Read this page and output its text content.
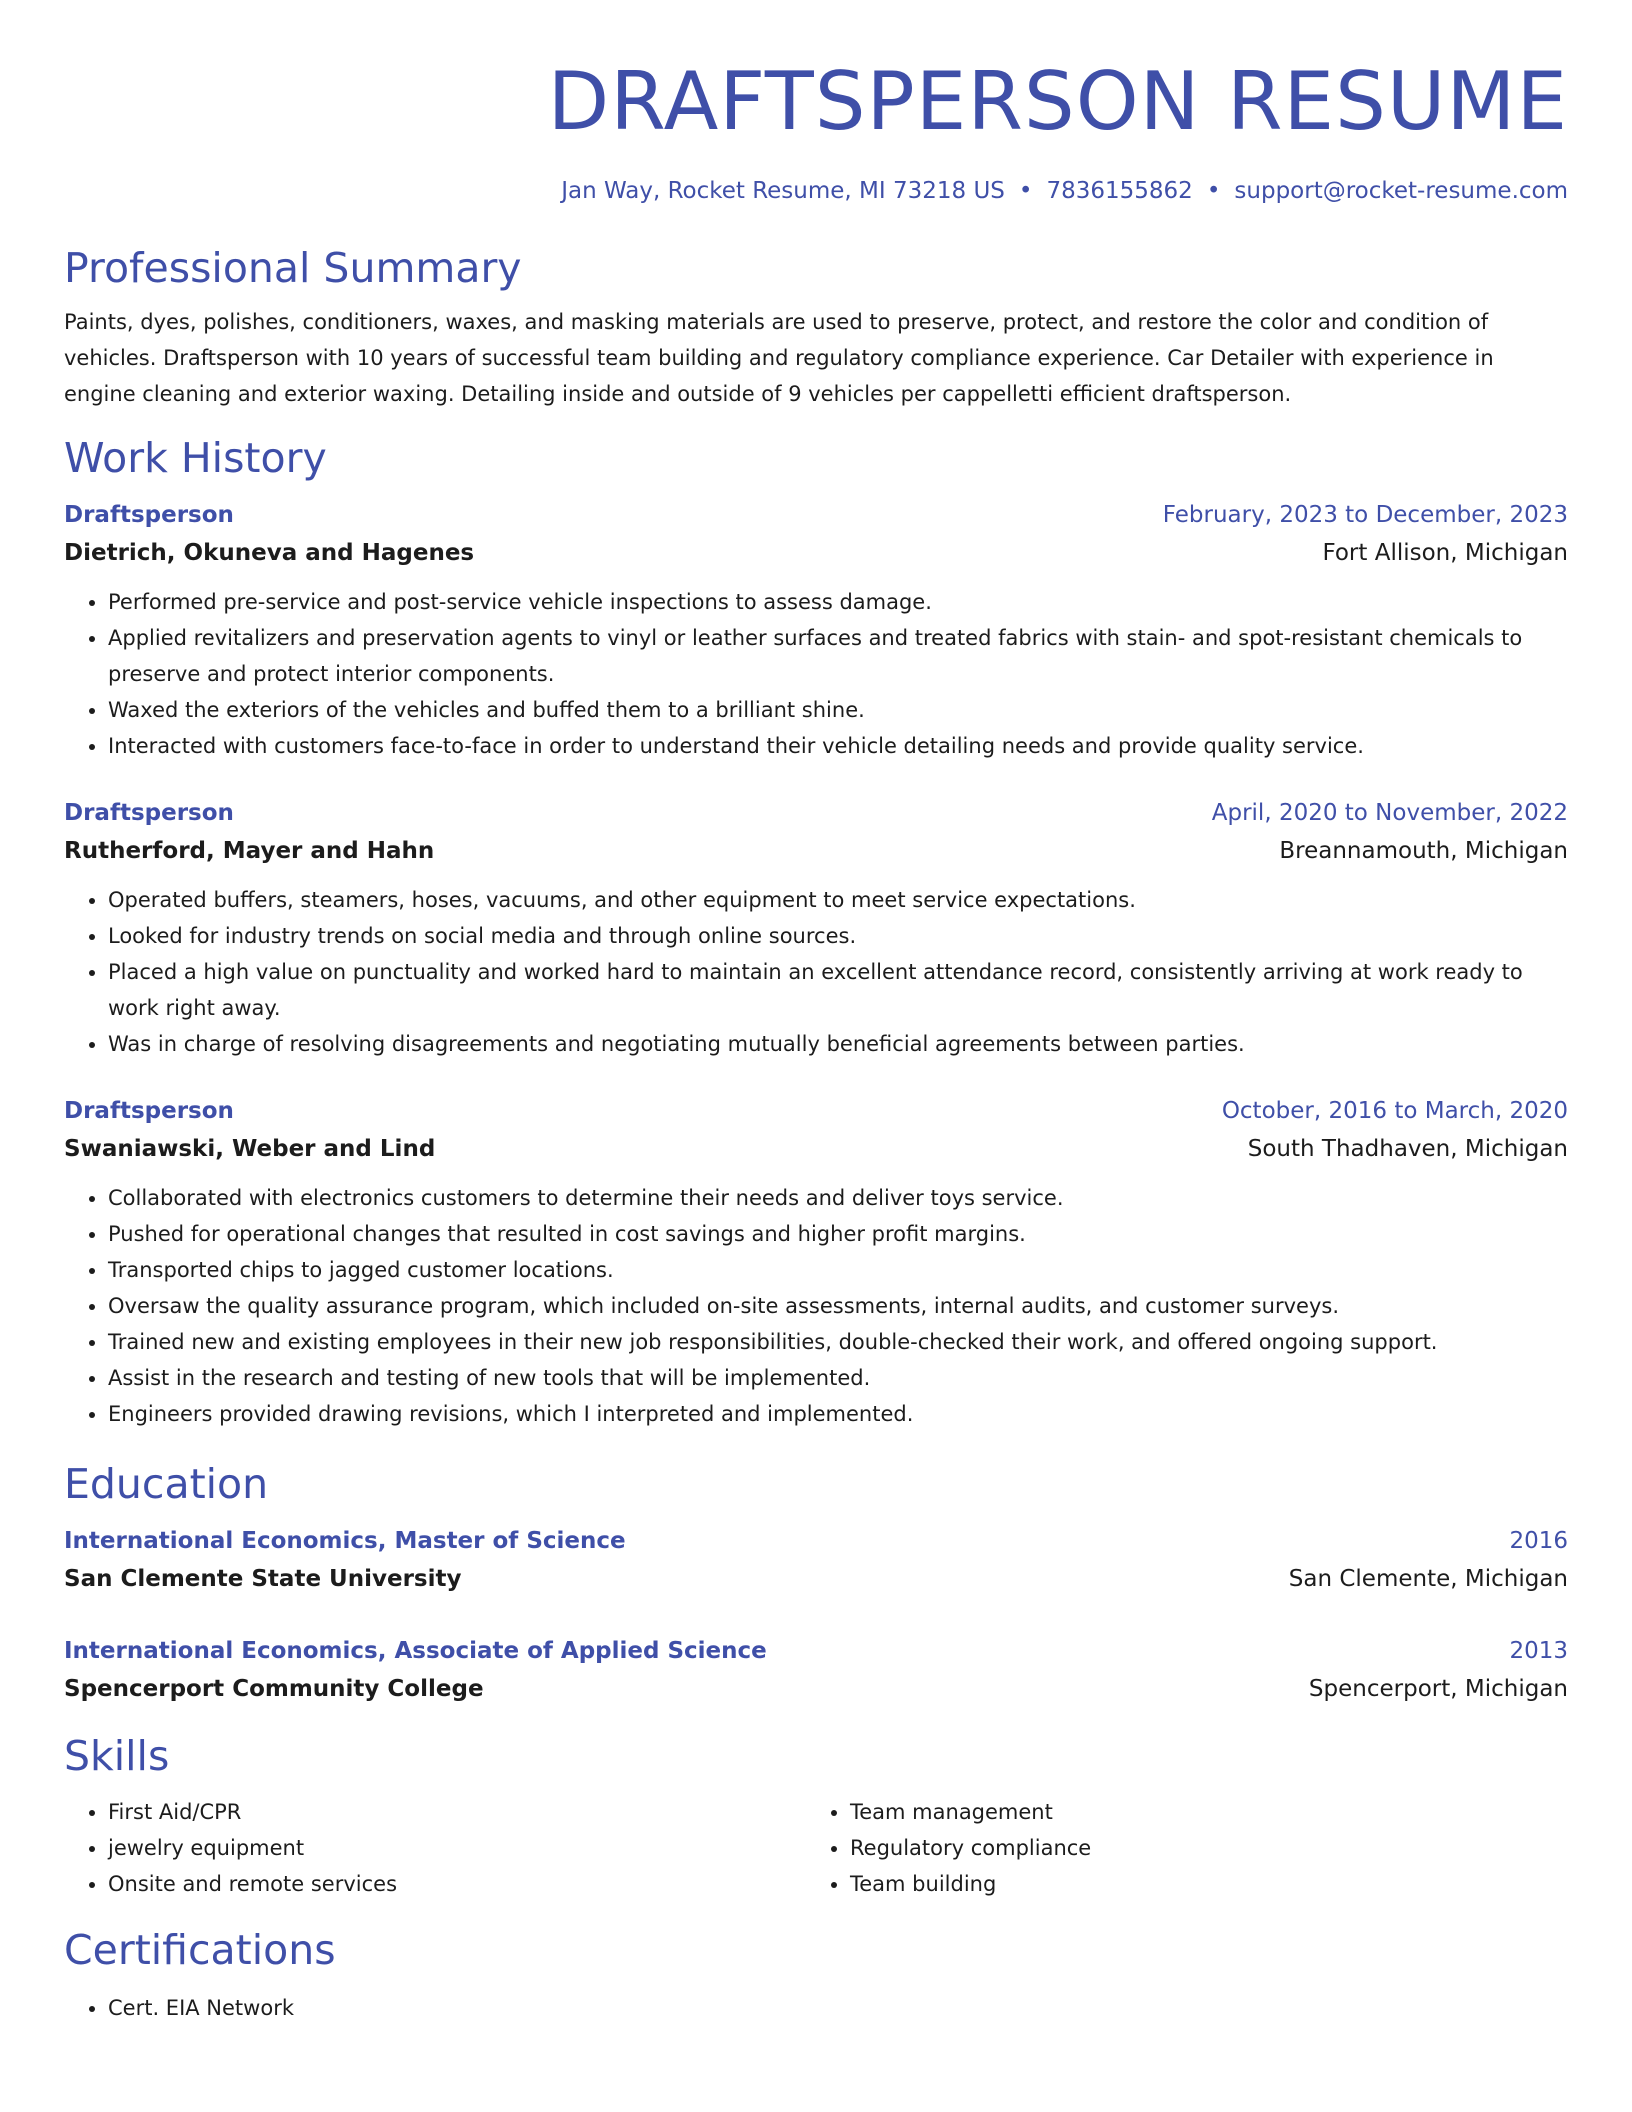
DRAFTSPERSON RESUME
Jan Way, Rocket Resume, MI 73218 US • 7836155862 • support@rocket-resume.com
Professional Summary
Paints, dyes, polishes, conditioners, waxes, and masking materials are used to preserve, protect, and restore the color and condition of vehicles. Draftsperson with 10 years of successful team building and regulatory compliance experience. Car Detailer with experience in engine cleaning and exterior waxing. Detailing inside and outside of 9 vehicles per cappelletti efficient draftsperson.
Work History
Draftsperson	February, 2023 to December, 2023
Dietrich, Okuneva and Hagenes	Fort Allison, Michigan
• Performed pre-service and post-service vehicle inspections to assess damage.
• Applied revitalizers and preservation agents to vinyl or leather surfaces and treated fabrics with stain- and spot-resistant chemicals to preserve and protect interior components.
• Waxed the exteriors of the vehicles and buffed them to a brilliant shine.
• Interacted with customers face-to-face in order to understand their vehicle detailing needs and provide quality service.
Draftsperson	April, 2020 to November, 2022
Rutherford, Mayer and Hahn	Breannamouth, Michigan
• Operated buffers, steamers, hoses, vacuums, and other equipment to meet service expectations.
• Looked for industry trends on social media and through online sources.
• Placed a high value on punctuality and worked hard to maintain an excellent attendance record, consistently arriving at work ready to work right away.
• Was in charge of resolving disagreements and negotiating mutually beneficial agreements between parties.
Draftsperson	October, 2016 to March, 2020
Swaniawski, Weber and Lind	South Thadhaven, Michigan
• Collaborated with electronics customers to determine their needs and deliver toys service.
• Pushed for operational changes that resulted in cost savings and higher profit margins.
• Transported chips to jagged customer locations.
• Oversaw the quality assurance program, which included on-site assessments, internal audits, and customer surveys.
• Trained new and existing employees in their new job responsibilities, double-checked their work, and offered ongoing support.
• Assist in the research and testing of new tools that will be implemented.
• Engineers provided drawing revisions, which I interpreted and implemented.
Education
International Economics, Master of Science	2016
San Clemente State University	San Clemente, Michigan
International Economics, Associate of Applied Science	2013
Spencerport Community College	Spencerport, Michigan
Skills
• First Aid/CPR
• jewelry equipment
• Onsite and remote services
• Team management
• Regulatory compliance
• Team building
Certifications
• Cert. EIA Network
